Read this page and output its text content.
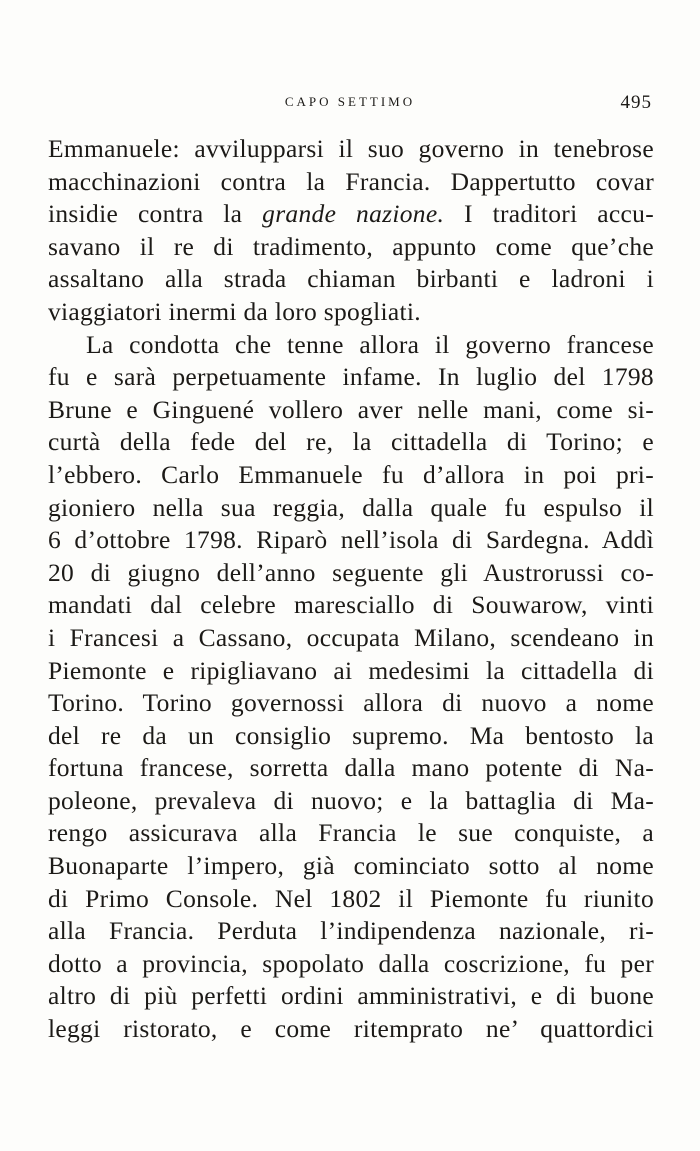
CAPO SETTIMO	495
Emmanuele: avvilupparsi il suo governo in tenebrose
macchinazioni contra la Francia. Dappertutto covar
insidie contra la grande nazione. I traditori accu-
savano il re di tradimento, appunto come que’che
assaltano alla strada chiaman birbanti e ladroni i
viaggiatori inermi da loro spogliati.
La condotta che tenne allora il governo francese
fu e sarà perpetuamente infame. In luglio del 1798
Brune e Ginguené vollero aver nelle mani, come si-
curtà della fede del re, la cittadella di Torino; e
l’ebbero. Carlo Emmanuele fu d’allora in poi pri-
gioniero nella sua reggia, dalla quale fu espulso il
6 d’ottobre 1798. Riparò nell’isola di Sardegna. Addì
20 di giugno dell’anno seguente gli Austrorussi co-
mandati dal celebre maresciallo di Souwarow, vinti
i Francesi a Cassano, occupata Milano, scendeano in
Piemonte e ripigliavano ai medesimi la cittadella di
Torino. Torino governossi allora di nuovo a nome
del re da un consiglio supremo. Ma bentosto la
fortuna francese, sorretta dalla mano potente di Na-
poleone, prevaleva di nuovo; e la battaglia di Ma-
rengo assicurava alla Francia le sue conquiste, a
Buonaparte l’impero, già cominciato sotto al nome
di Primo Console. Nel 1802 il Piemonte fu riunito
alla Francia. Perduta l’indipendenza nazionale, ri-
dotto a provincia, spopolato dalla coscrizione, fu per
altro di più perfetti ordini amministrativi, e di buone
leggi ristorato, e come ritemprato ne’ quattordici
